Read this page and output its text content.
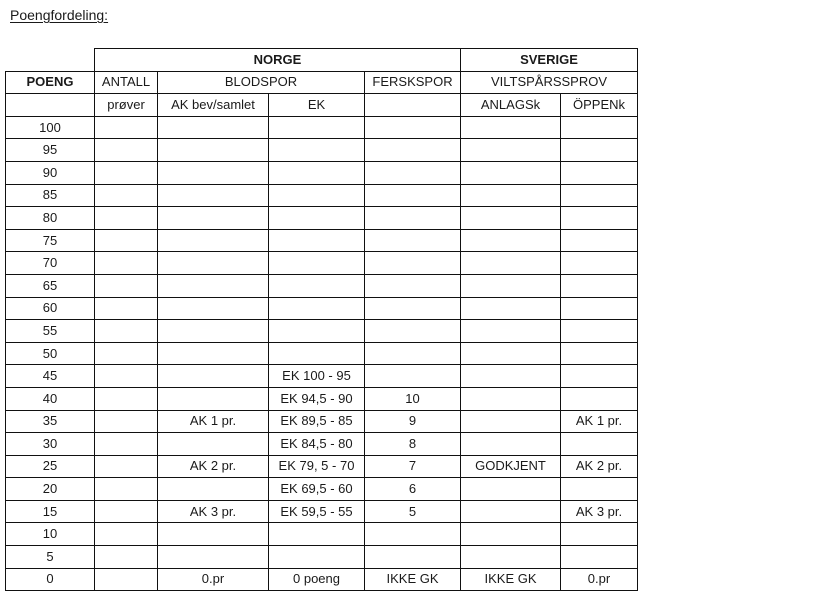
Poengfordeling:
	NORGE				SVERIGE	
POENG	ANTALL	BLODSPOR		FERSKSPOR	VILTSPÅRSSPROV	
	prøver	AK bev/samlet	EK		ANLAGSk	ÖPPENk
100						
95						
90						
85						
80						
75						
70						
65						
60						
55						
50						
45			EK 100 - 95			
40			EK 94,5 - 90	10		
35		AK 1 pr.	EK 89,5 - 85	9		AK 1 pr.
30			EK 84,5 - 80	8		
25		AK 2 pr.	EK 79, 5 - 70	7	GODKJENT	AK 2 pr.
20			EK 69,5 - 60	6		
15		AK 3 pr.	EK 59,5 - 55	5		AK 3 pr.
10						
5						
0		0.pr	0 poeng	IKKE GK	IKKE GK	0.pr
